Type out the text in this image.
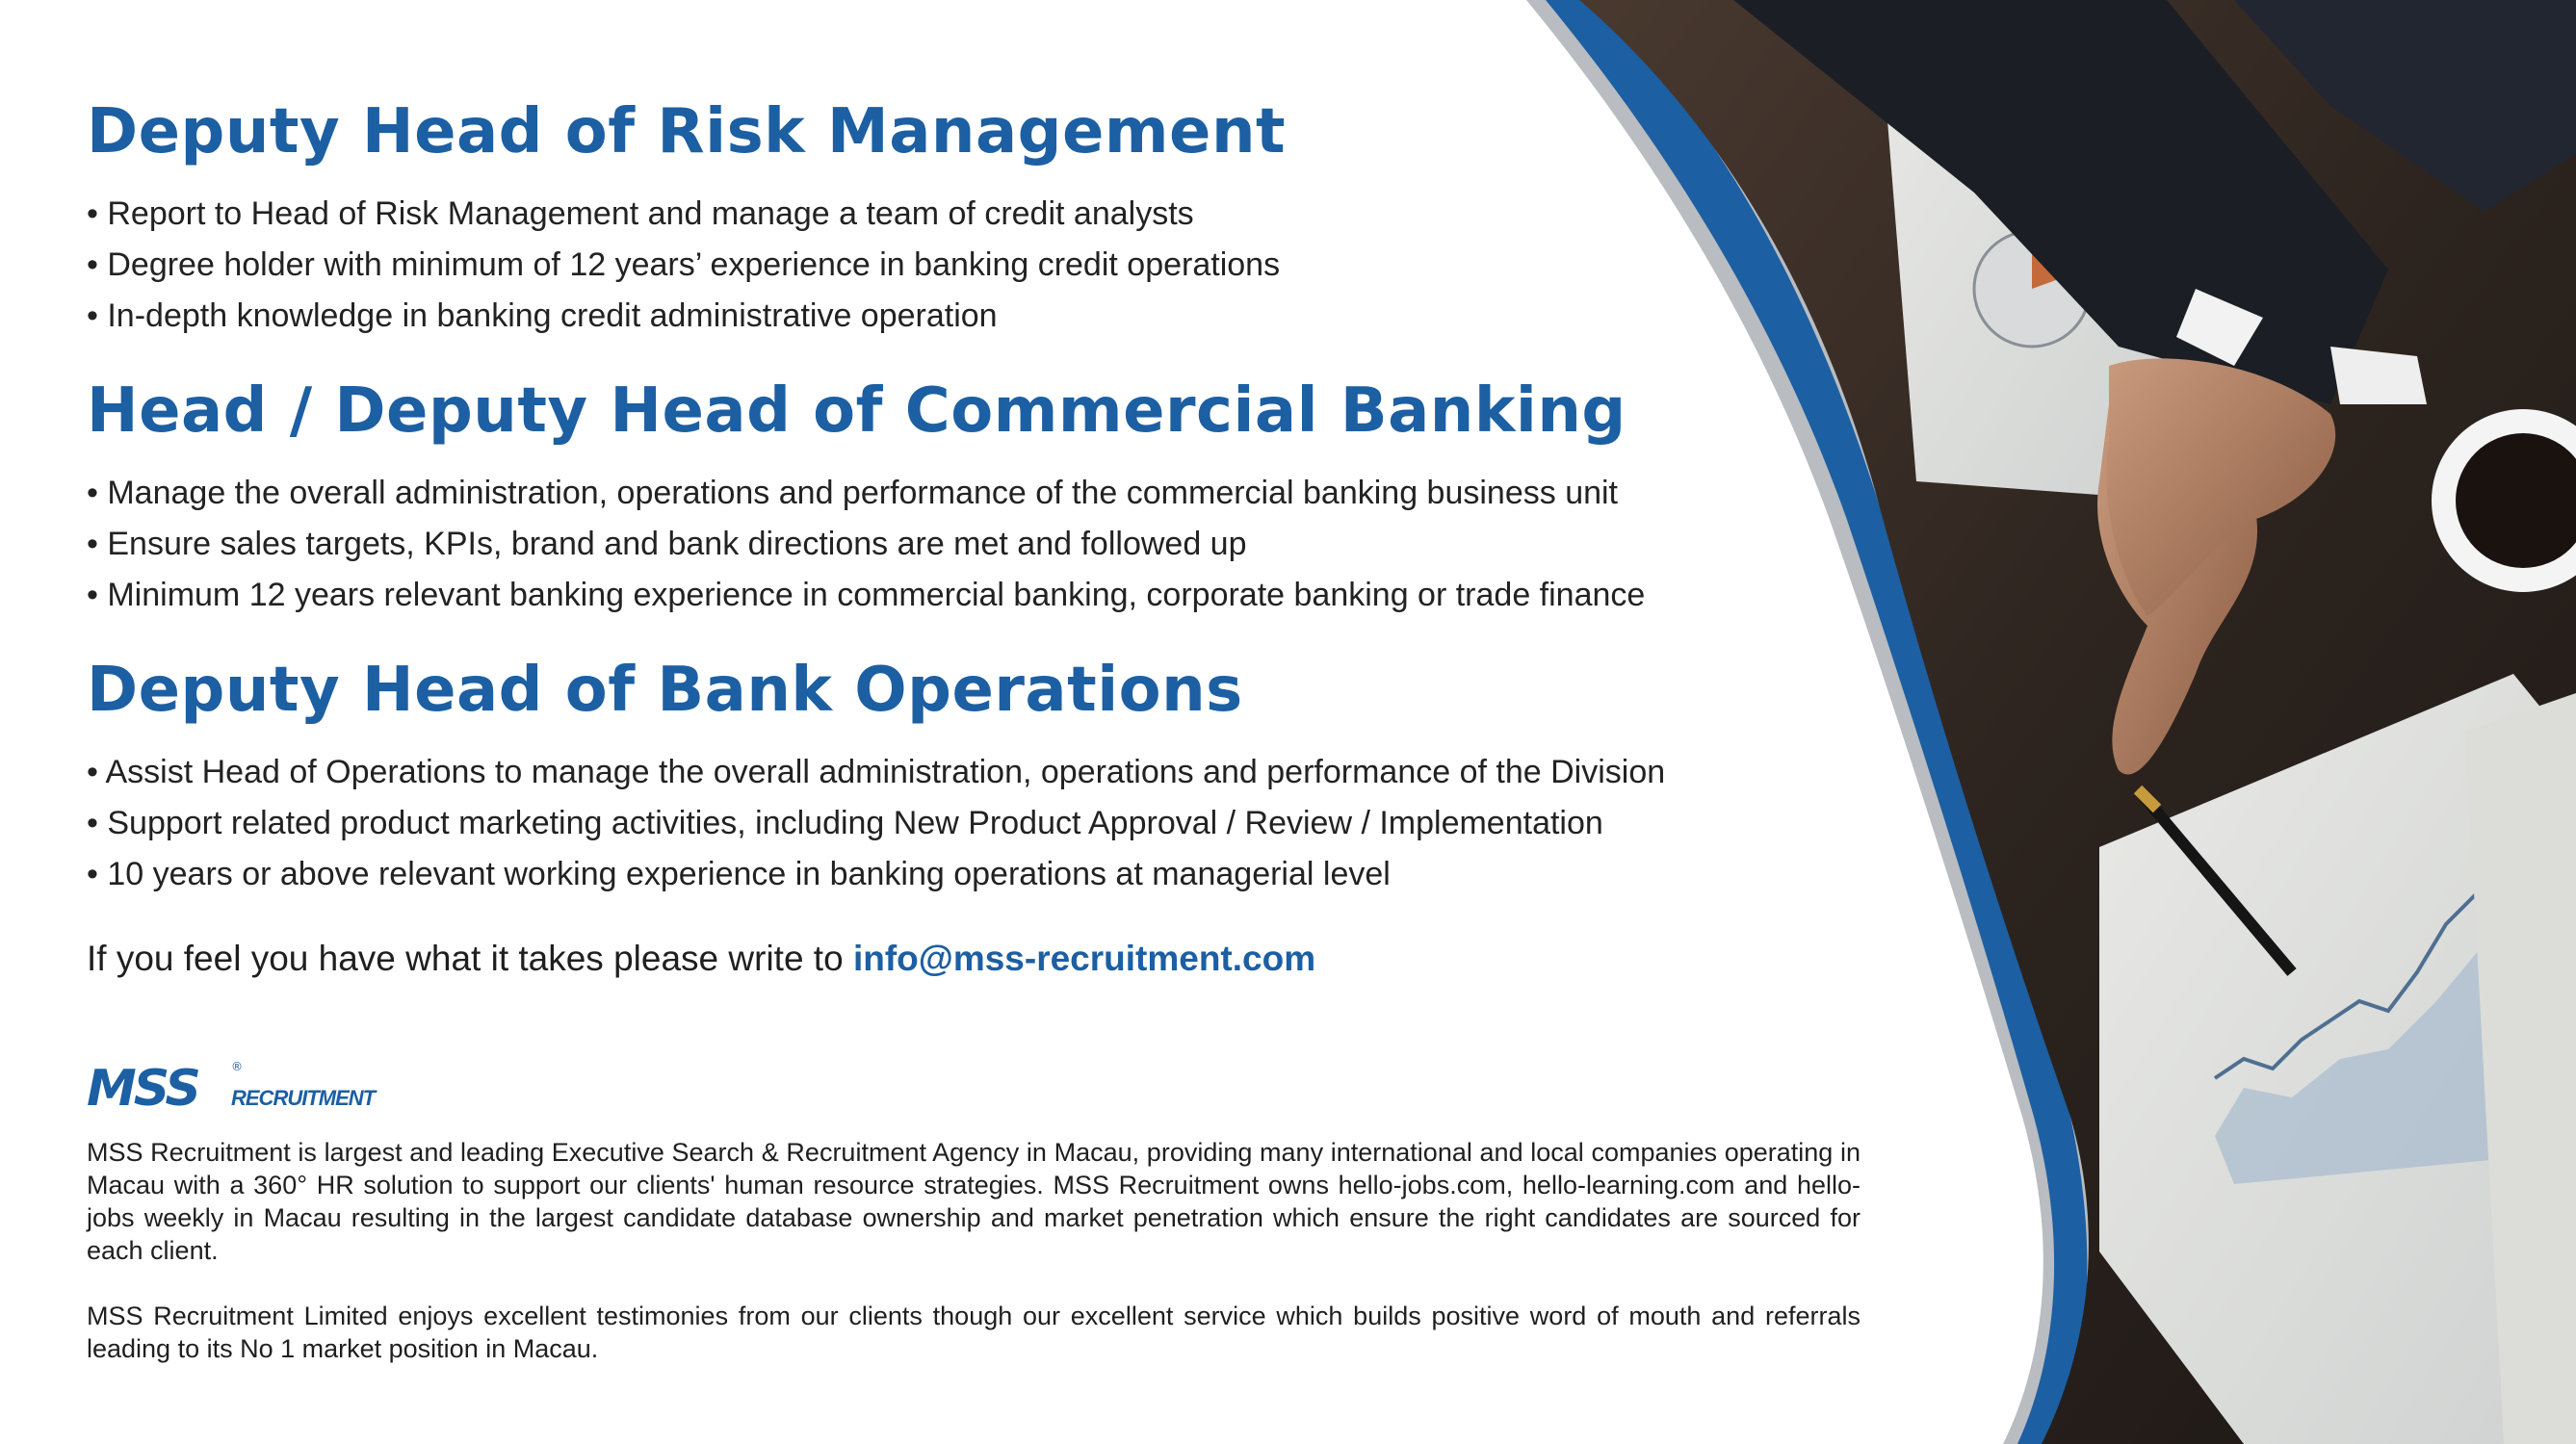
Deputy Head of Risk Management
• Report to Head of Risk Management and manage a team of credit analysts
• Degree holder with minimum of 12 years’ experience in banking credit operations
• In-depth knowledge in banking credit administrative operation
Head / Deputy Head of Commercial Banking
• Manage the overall administration, operations and performance of the commercial banking business unit
• Ensure sales targets, KPIs, brand and bank directions are met and followed up
• Minimum 12 years relevant banking experience in commercial banking, corporate banking or trade finance
Deputy Head of Bank Operations
• Assist Head of Operations to manage the overall administration, operations and performance of the Division
• Support related product marketing activities, including New Product Approval / Review / Implementation
• 10 years or above relevant working experience in banking operations at managerial level
If you feel you have what it takes please write to info@mss-recruitment.com
MSS	®
RECRUITMENT

MSS Recruitment is largest and leading Executive Search & Recruitment Agency in Macau, providing many international and local companies operating in Macau with a 360° HR solution to support our clients' human resource strategies. MSS Recruitment owns hello-jobs.com, hello-learning.com and hello-jobs weekly in Macau resulting in the largest candidate database ownership and market penetration which ensure the right candidates are sourced for each client.

MSS Recruitment Limited enjoys excellent testimonies from our clients though our excellent service which builds positive word of mouth and referrals leading to its No 1 market position in Macau.
